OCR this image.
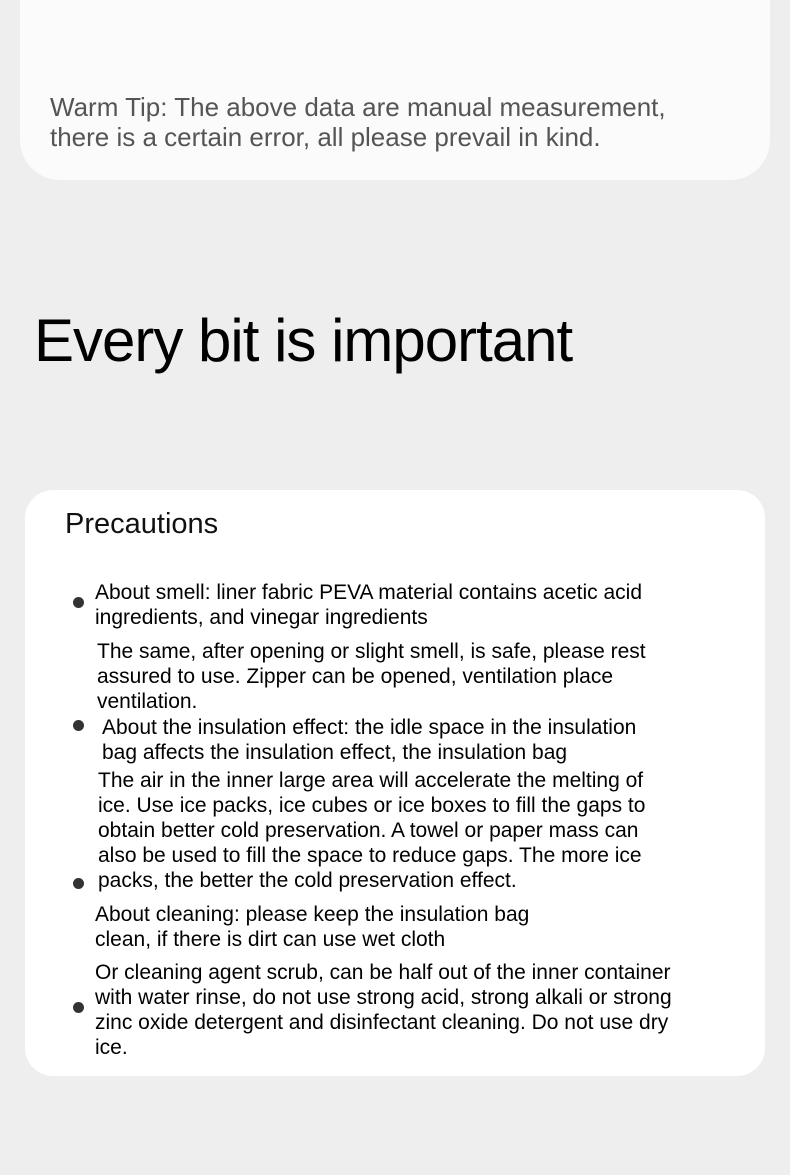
Warm Tip: The above data are manual measurement,
there is a certain error, all please prevail in kind.
Every bit is important
Precautions
About smell: liner fabric PEVA material contains acetic acid
ingredients, and vinegar ingredients
The same, after opening or slight smell, is safe, please rest
assured to use. Zipper can be opened, ventilation place
ventilation.
About the insulation effect: the idle space in the insulation
bag affects the insulation effect, the insulation bag
The air in the inner large area will accelerate the melting of
ice. Use ice packs, ice cubes or ice boxes to fill the gaps to
obtain better cold preservation. A towel or paper mass can
also be used to fill the space to reduce gaps. The more ice
packs, the better the cold preservation effect.
About cleaning: please keep the insulation bag
clean, if there is dirt can use wet cloth
Or cleaning agent scrub, can be half out of the inner container
with water rinse, do not use strong acid, strong alkali or strong
zinc oxide detergent and disinfectant cleaning. Do not use dry
ice.
